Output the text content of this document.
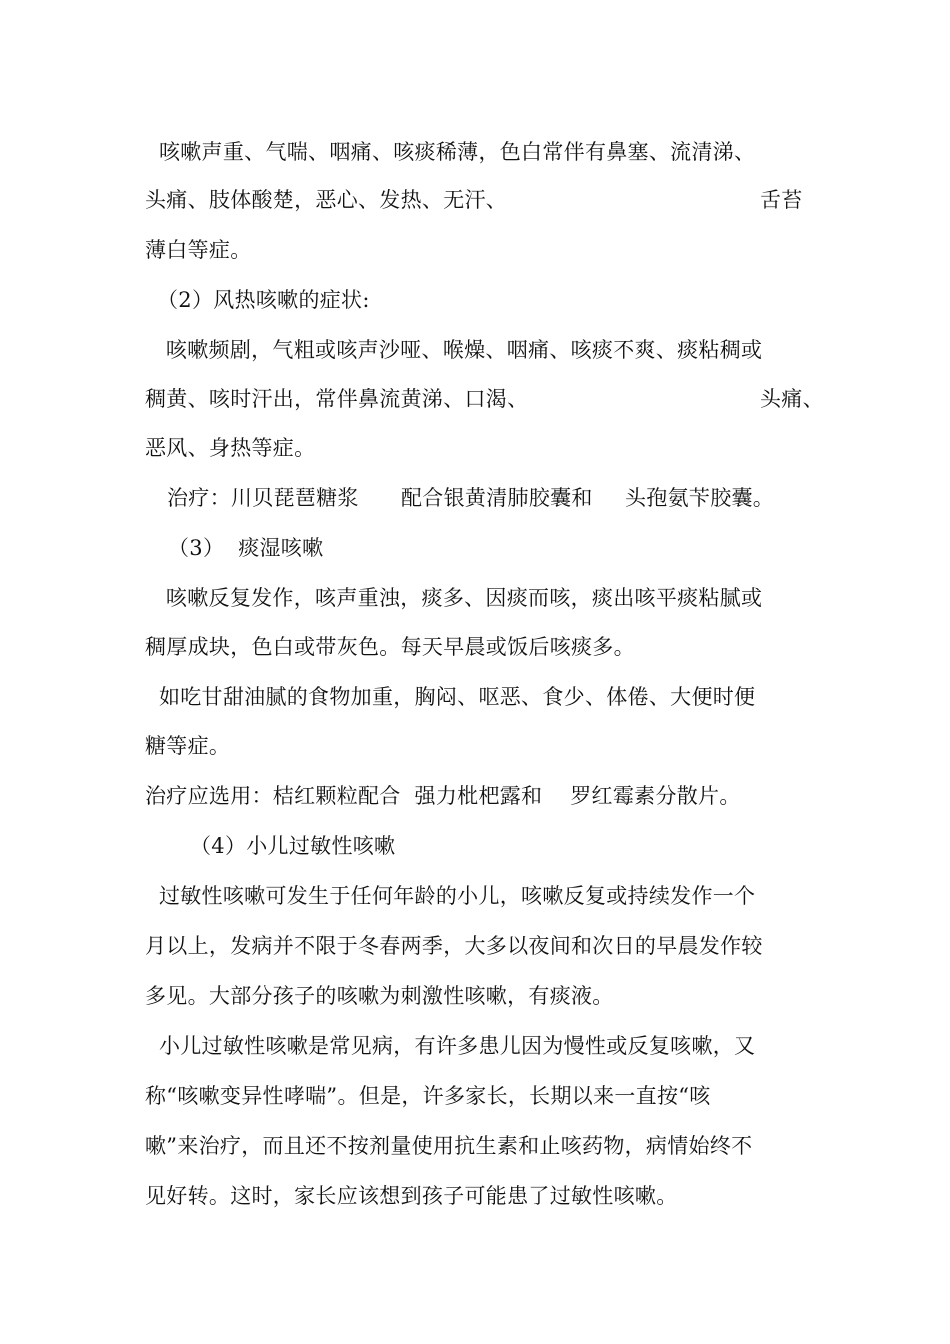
咳嗽声重、气喘、咽痛、咳痰稀薄，色白常伴有鼻塞、流清涕、
头痛、肢体酸楚，恶心、发热、无汗、	舌苔
薄白等症。
（2）风热咳嗽的症状:
咳嗽频剧，气粗或咳声沙哑、喉燥、咽痛、咳痰不爽、痰粘稠或
稠黄、咳时汗出，常伴鼻流黄涕、口渴、	头痛、
恶风、身热等症。
治疗：川贝琵琶糖浆 配合银黄清肺胶囊和 头孢氨苄胶囊。
（3）  痰湿咳嗽
咳嗽反复发作，咳声重浊，痰多、因痰而咳，痰出咳平痰粘腻或
稠厚成块，色白或带灰色。每天早晨或饭后咳痰多。
如吃甘甜油腻的食物加重，胸闷、呕恶、食少、体倦、大便时便
糖等症。
治疗应选用：桔红颗粒配合  强力枇杷露和    罗红霉素分散片。
（4）小儿过敏性咳嗽
过敏性咳嗽可发生于任何年龄的小儿，咳嗽反复或持续发作一个
月以上，发病并不限于冬春两季，大多以夜间和次日的早晨发作较
多见。大部分孩子的咳嗽为刺激性咳嗽，有痰液。
小儿过敏性咳嗽是常见病，有许多患儿因为慢性或反复咳嗽，又
称“咳嗽变异性哮喘”。但是，许多家长，长期以来一直按“咳
嗽”来治疗，而且还不按剂量使用抗生素和止咳药物，病情始终不
见好转。这时，家长应该想到孩子可能患了过敏性咳嗽。
